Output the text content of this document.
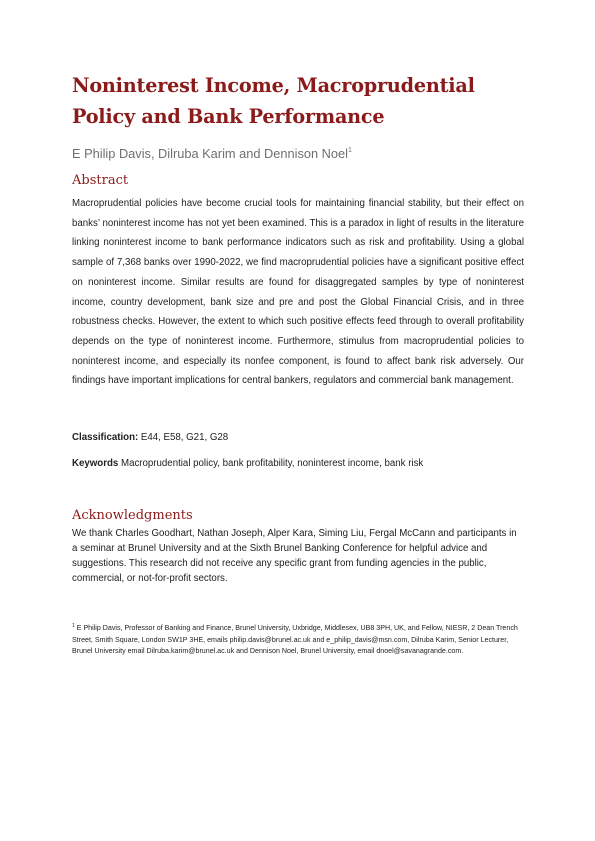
Noninterest Income, Macroprudential Policy and Bank Performance
E Philip Davis, Dilruba Karim and Dennison Noel$^1$
Abstract
Macroprudential policies have become crucial tools for maintaining financial stability, but their effect on banks’ noninterest income has not yet been examined. This is a paradox in light of results in the literature linking noninterest income to bank performance indicators such as risk and profitability. Using a global sample of 7,368 banks over 1990-2022, we find macroprudential policies have a significant positive effect on noninterest income. Similar results are found for disaggregated samples by type of noninterest income, country development, bank size and pre and post the Global Financial Crisis, and in three robustness checks. However, the extent to which such positive effects feed through to overall profitability depends on the type of noninterest income. Furthermore, stimulus from macroprudential policies to noninterest income, and especially its nonfee component, is found to affect bank risk adversely. Our findings have important implications for central bankers, regulators and commercial bank management.
Classification: E44, E58, G21, G28
Keywords Macroprudential policy, bank profitability, noninterest income, bank risk
Acknowledgments
We thank Charles Goodhart, Nathan Joseph, Alper Kara, Siming Liu, Fergal McCann and participants in a seminar at Brunel University and at the Sixth Brunel Banking Conference for helpful advice and suggestions. This research did not receive any specific grant from funding agencies in the public, commercial, or not-for-profit sectors.
$^1$ E Philip Davis, Professor of Banking and Finance, Brunel University, Uxbridge, Middlesex, UB8 3PH, UK, and Fellow, NIESR, 2 Dean Trench Street, Smith Square, London SW1P 3HE, emails philip.davis@brunel.ac.uk and e_philip_davis@msn.com, Dilruba Karim, Senior Lecturer, Brunel University email Dilruba.karim@brunel.ac.uk and Dennison Noel, Brunel University, email dnoel@savanagrande.com.
